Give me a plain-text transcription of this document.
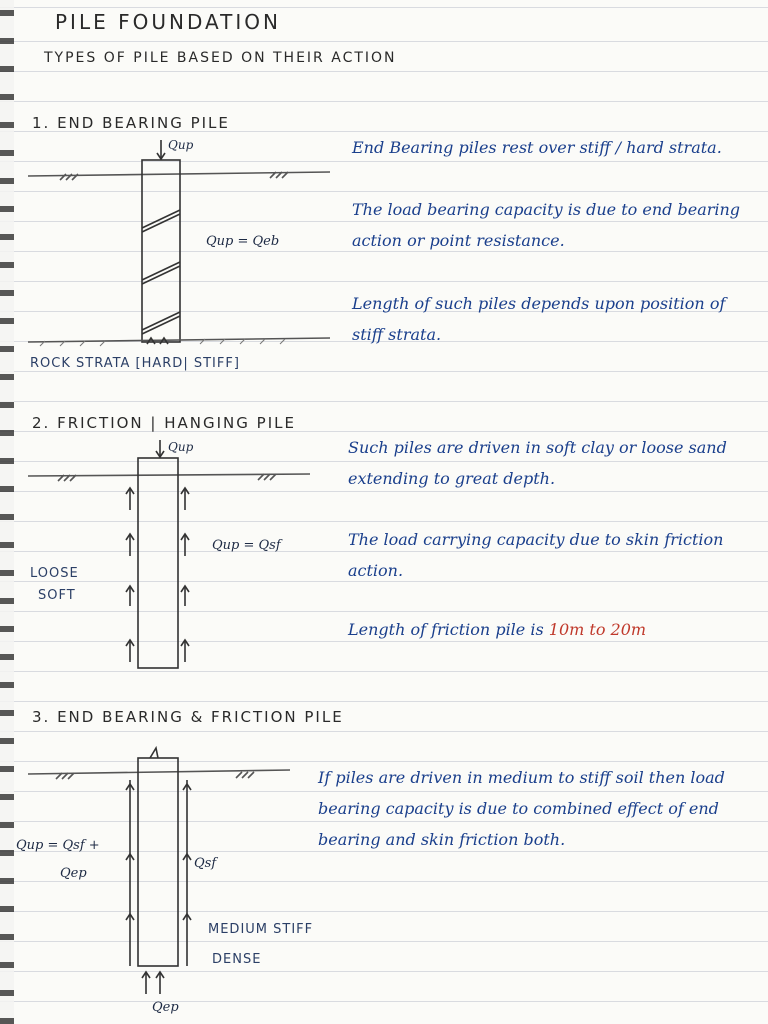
PILE FOUNDATION
TYPES OF PILE BASED ON THEIR ACTION
1. END BEARING PILE
Qup
Qup = Qeb
ROCK STRATA [HARD| STIFF]
End Bearing piles rest over stiff / hard strata.
The load bearing capacity is due to end bearing action or point resistance.
Length of such piles depends upon position of stiff strata.
2. FRICTION | HANGING PILE
Qup
Qup = Qsf
LOOSE
SOFT
Such piles are driven in soft clay or loose sand extending to great depth.
The load carrying capacity due to skin friction action.
Length of friction pile is 10m to 20m
3. END BEARING & FRICTION PILE
Qup = Qsf +
Qep
Qsf
Qep
MEDIUM STIFF
DENSE
If piles are driven in medium to stiff soil then load bearing capacity is due to combined effect of end bearing and skin friction both.
